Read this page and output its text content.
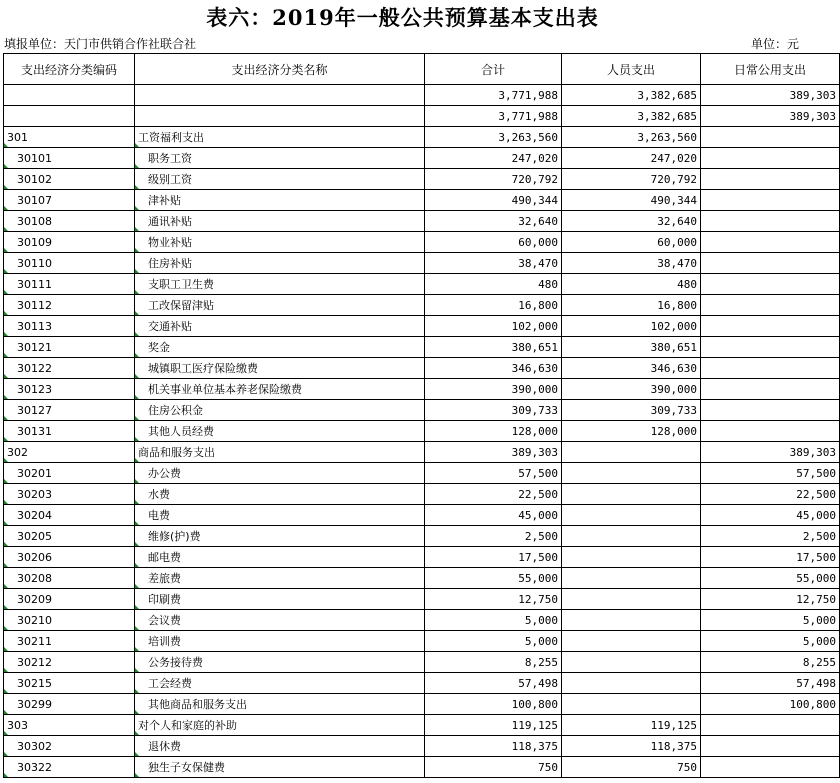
表六：2019年一般公共预算基本支出表
填报单位：天门市供销合作社联合社	单位：元
支出经济分类编码	支出经济分类名称	合计	人员支出	日常公用支出
		3,771,988	3,382,685	389,303
		3,771,988	3,382,685	389,303
301	工资福利支出	3,263,560	3,263,560	
30101	职务工资	247,020	247,020	
30102	级别工资	720,792	720,792	
30107	津补贴	490,344	490,344	
30108	通讯补贴	32,640	32,640	
30109	物业补贴	60,000	60,000	
30110	住房补贴	38,470	38,470	
30111	支职工卫生费	480	480	
30112	工改保留津贴	16,800	16,800	
30113	交通补贴	102,000	102,000	
30121	奖金	380,651	380,651	
30122	城镇职工医疗保险缴费	346,630	346,630	
30123	机关事业单位基本养老保险缴费	390,000	390,000	
30127	住房公积金	309,733	309,733	
30131	其他人员经费	128,000	128,000	
302	商品和服务支出	389,303		389,303
30201	办公费	57,500		57,500
30203	水费	22,500		22,500
30204	电费	45,000		45,000
30205	维修(护)费	2,500		2,500
30206	邮电费	17,500		17,500
30208	差旅费	55,000		55,000
30209	印刷费	12,750		12,750
30210	会议费	5,000		5,000
30211	培训费	5,000		5,000
30212	公务接待费	8,255		8,255
30215	工会经费	57,498		57,498
30299	其他商品和服务支出	100,800		100,800
303	对个人和家庭的补助	119,125	119,125	
30302	退休费	118,375	118,375	
30322	独生子女保健费	750	750	
